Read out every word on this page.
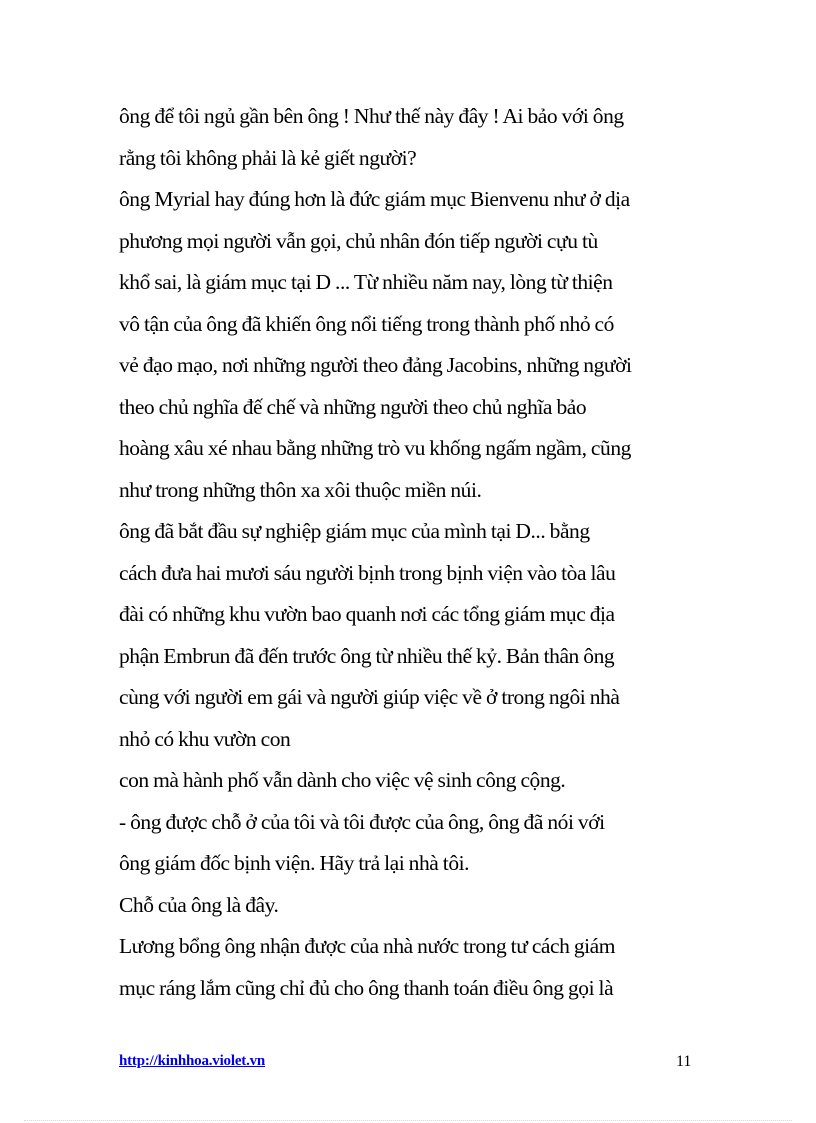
ông để tôi ngủ gần bên ông ! Như thế này đây ! Ai bảo với ông
rằng tôi không phải là kẻ giết người?
ông Myrial hay đúng hơn là đức giám mục Bienvenu như ở dịa
phương mọi người vẫn gọi, chủ nhân đón tiếp người cựu tù
khổ sai, là giám mục tại D ... Từ nhiều năm nay, lòng từ thiện
vô tận của ông đã khiến ông nổi tiếng trong thành phố nhỏ có
vẻ đạo mạo, nơi những người theo đảng Jacobins, những người
theo chủ nghĩa đế chế và những người theo chủ nghĩa bảo
hoàng xâu xé nhau bằng những trò vu khống ngấm ngầm, cũng
như trong những thôn xa xôi thuộc miền núi.
ông đã bắt đầu sự nghiệp giám mục của mình tại D... bằng
cách đưa hai mươi sáu người bịnh trong bịnh viện vào tòa lâu
đài có những khu vườn bao quanh nơi các tổng giám mục địa
phận Embrun đã đến trước ông từ nhiều thế kỷ. Bản thân ông
cùng với người em gái và người giúp việc về ở trong ngôi nhà
nhỏ có khu vườn con
con mà hành phố vẫn dành cho việc vệ sinh công cộng.
- ông được chỗ ở của tôi và tôi được của ông, ông đã nói với
ông giám đốc bịnh viện. Hãy trả lại nhà tôi.
Chỗ của ông là đây.
Lương bổng ông nhận được của nhà nước trong tư cách giám
mục ráng lắm cũng chỉ đủ cho ông thanh toán điều ông gọi là
http://kinhhoa.violet.vn	11
